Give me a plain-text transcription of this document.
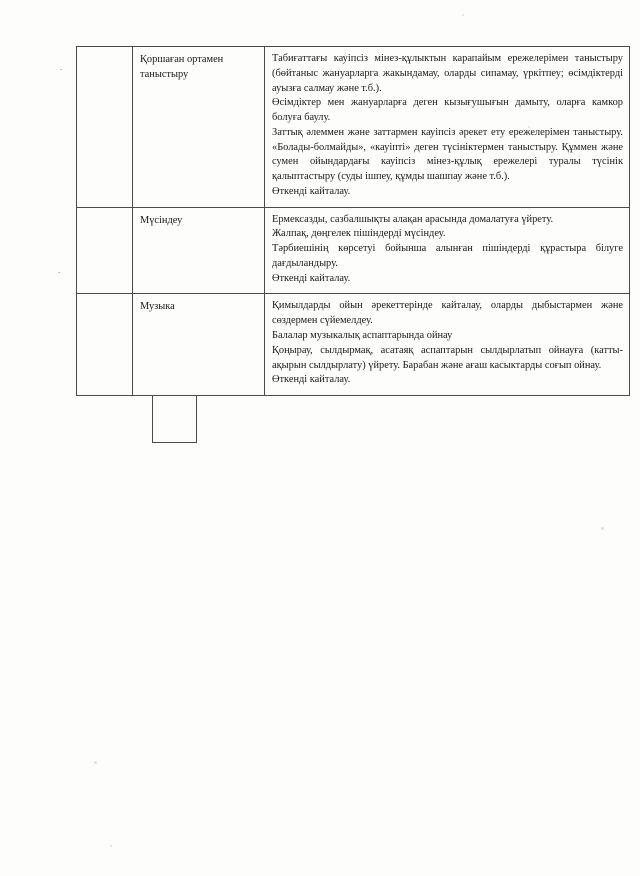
.
.

	Қоршаған ортамен таныстыру	Табиғаттағы кауіпсіз мінез-құлыктын карапайым ережелерімен таныстыру (бөйтаныс жануарларга жакындамау, оларды сипамау, үркітпеу; өсімдіктерді ауызға салмау және т.б.).

Өсімдіктер мен жануарларға деген кызығушығын дамыту, оларға камкор болуға баулу.

Заттық әлеммен және заттармен кауіпсіз әрекет ету ережелерімен таныстыру. «Болады-болмайды», «кауіпті» деген түсініктермен таныстыру. Құммен және сумен ойындардағы кауіпсіз мінез-құлық ережелері туралы түсінік қалыптастыру (суды ішпеу, құмды шашпау және т.б.).

Өткенді кайталау.

	Мүсіндеу	Ермексазды, сазбалшықты алақан арасында домалатуға үйрету.

Жалпақ, дөңгелек пішіндерді мүсіндеу.

Тәрбиешінің көрсетуі бойынша алынған пішіндерді құрастыра білуге дағдыландыру.

Өткенді кайталау.

	Музыка	Қимылдарды ойын әрекеттерінде кайталау, оларды дыбыстармен және сөздермен сүйемелдеу.

Балалар музыкалық аспаптарында ойнау

Қоңырау, сылдырмақ, асатаяқ аспаптарын сылдырлатып ойнауға (катты-ақырын сылдырлату) үйрету. Барабан және ағаш касыктарды соғып ойнау.

Өткенді кайталау.
